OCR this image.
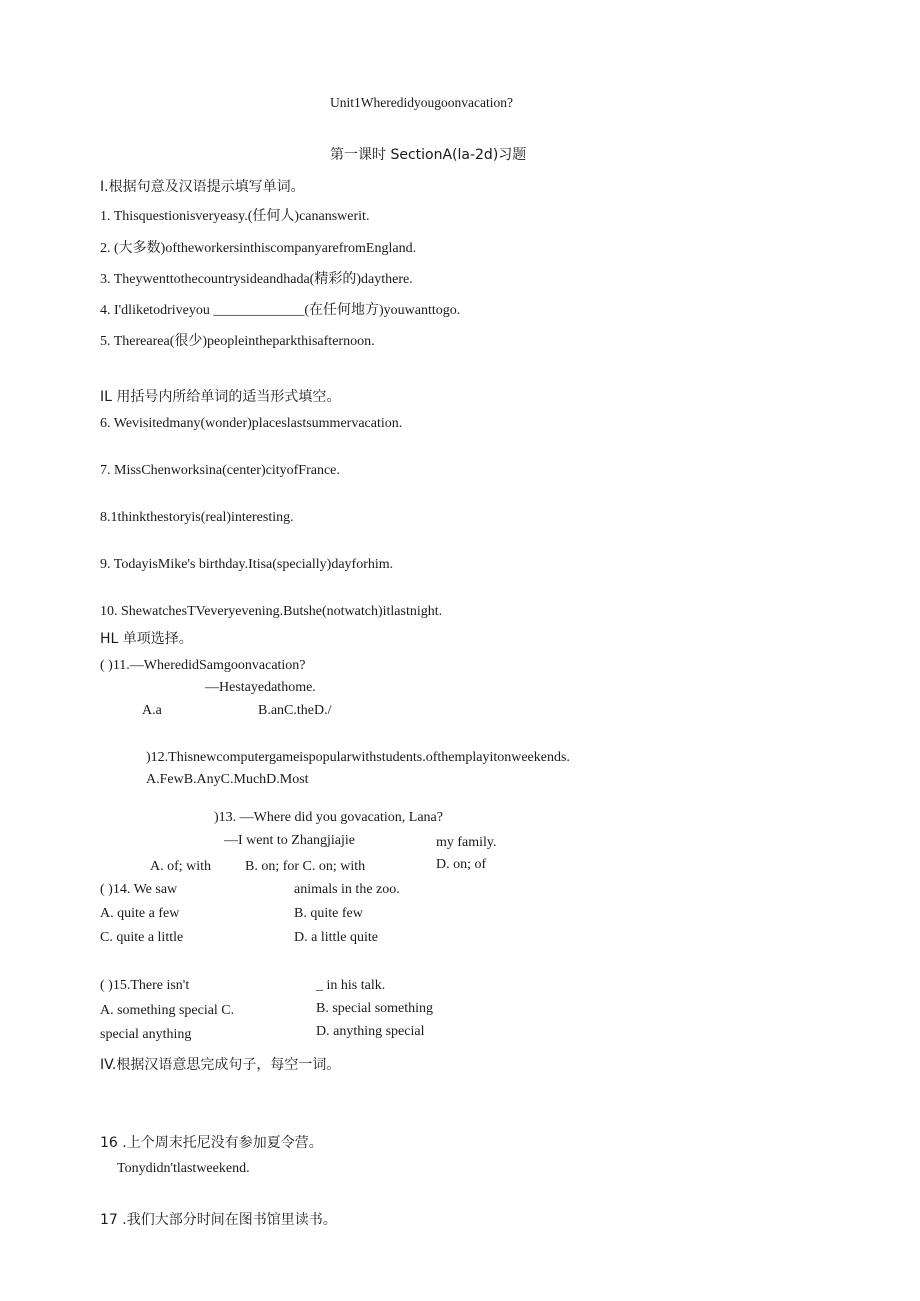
Unit1Wheredidyougoonvacation?
第一课时 SectionA(la-2d)习题
I.根据句意及汉语提示填写单词。
1. Thisquestionisveryeasy.(任何人)cananswerit.
2. (大多数)oftheworkersinthiscompanyarefromEngland.
3. Theywenttothecountrysideandhada(精彩的)daythere.
4. I'dliketodriveyou _____________(在任何地方)youwanttogo.
5. Therearea(很少)peopleintheparkthisafternoon.
IL 用括号内所给单词的适当形式填空。
6. Wevisitedmany(wonder)placeslastsummervacation.
7. MissChenworksina(center)cityofFrance.
8.1thinkthestoryis(real)interesting.
9. TodayisMike's birthday.Itisa(specially)dayforhim.
10. ShewatchesTVeveryevening.Butshe(notwatch)itlastnight.
HL 单项选择。
( )11.—WheredidSamgoonvacation?
—Hestayedathome.
A.a	B.anC.theD./
)12.Thisnewcomputergameispopularwithstudents.ofthemplayitonweekends.
A.FewB.AnyC.MuchD.Most
)13. —Where did you govacation, Lana?
—I went to Zhangjiajie	my family.
A. of; with B. on; for C. on; with	D. on; of
( )14. We saw	animals in the zoo.
A. quite a few	B. quite few
C. quite a little	D. a little quite
( )15.There isn't	_ in his talk.
A. something special C.	B. special something
special anything	D. anything special
IV.根据汉语意思完成句子，每空一词。
16 .上个周末托尼没有参加夏令营。
Tonydidn'tlastweekend.
17 .我们大部分时间在图书馆里读书。
